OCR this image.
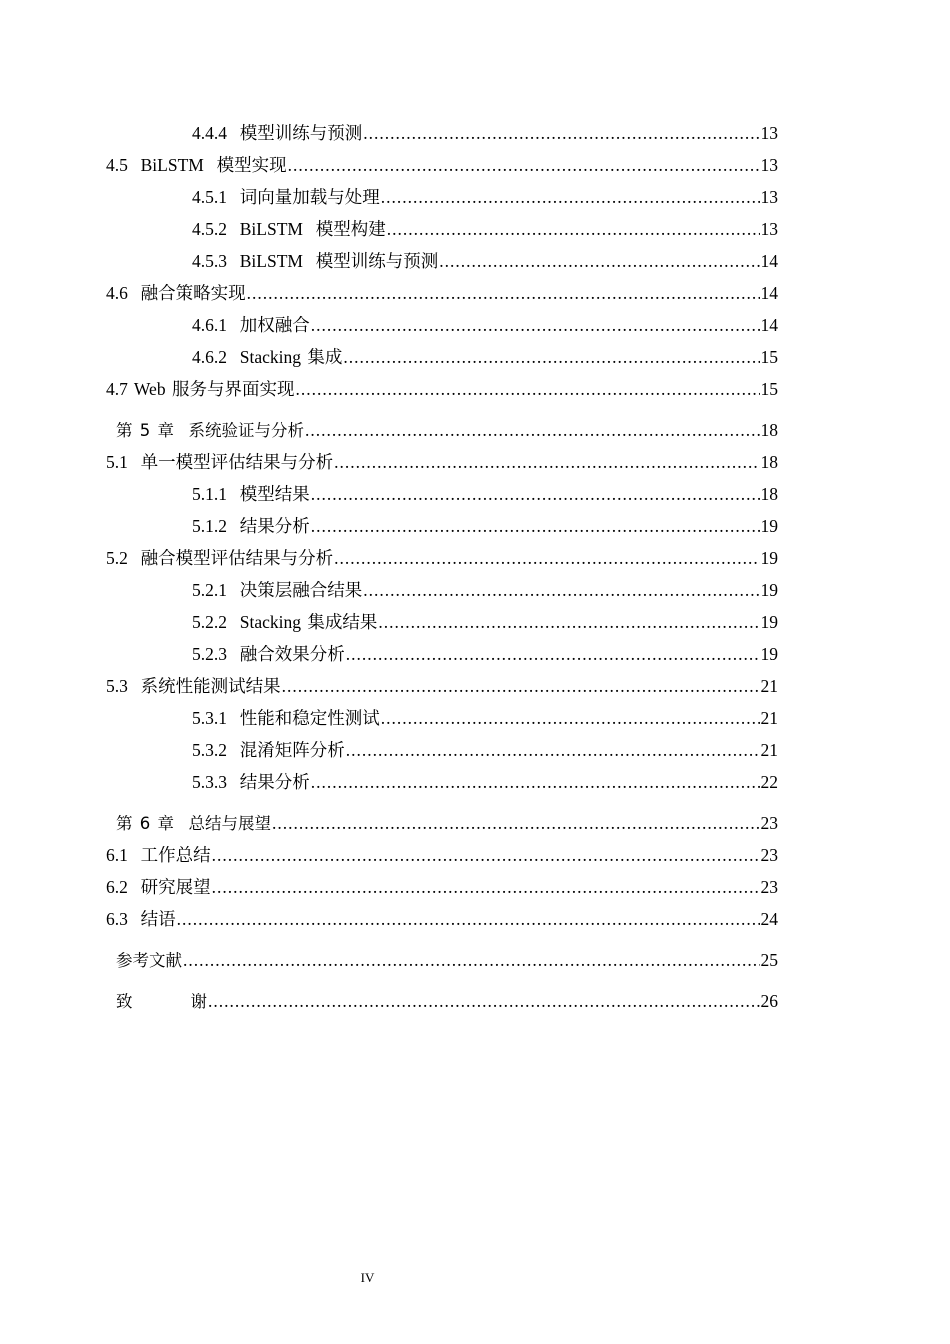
4.4.4  模型训练与预测 .....	13
4.5  BiLSTM  模型实现 .....	13
4.5.1  词向量加载与处理 .....	13
4.5.2  BiLSTM  模型构建 .....	13
4.5.3  BiLSTM  模型训练与预测 .....	14
4.6  融合策略实现 .....	14
4.6.1  加权融合 .....	14
4.6.2  Stacking 集成 .....	15
4.7 Web 服务与界面实现 .....	15
第 5 章  系统验证与分析 .....	18
5.1  单一模型评估结果与分析 .....	18
5.1.1  模型结果 .....	18
5.1.2  结果分析 .....	19
5.2  融合模型评估结果与分析 .....	19
5.2.1  决策层融合结果 .....	19
5.2.2  Stacking 集成结果 .....	19
5.2.3  融合效果分析 .....	19
5.3  系统性能测试结果 .....	21
5.3.1  性能和稳定性测试 .....	21
5.3.2  混淆矩阵分析 .....	21
5.3.3  结果分析 .....	22
第 6 章  总结与展望 .....	23
6.1  工作总结 .....	23
6.2  研究展望 .....	23
6.3  结语 .....	24
参考文献 .....	25
致        谢 .....	26
IV
